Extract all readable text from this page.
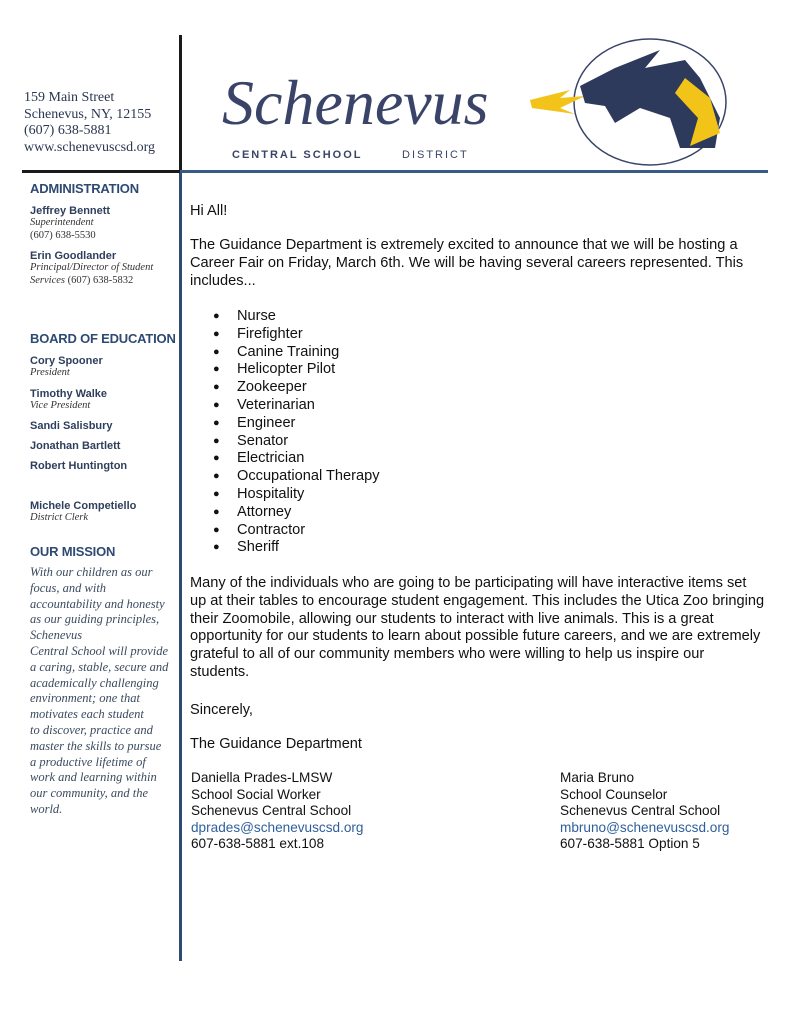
159 Main Street
Schenevus, NY, 12155
(607) 638-5881
www.schenevuscsd.org
Schenevus
CENTRAL SCHOOL	DISTRICT
ADMINISTRATION
Jeffrey Bennett
Superintendent
(607) 638-5530
Erin Goodlander
Principal/Director of Student Services (607) 638-5832
BOARD OF EDUCATION
Cory Spooner
President
Timothy Walke
Vice President
Sandi Salisbury
Jonathan Bartlett
Robert Huntington
Michele Competiello
District Clerk
OUR MISSION
With our children as our
focus, and with
accountability and honesty
as our guiding principles,
Schenevus
Central School will provide
a caring, stable, secure and
academically challenging
environment; one that
motivates each student
to discover, practice and
master the skills to pursue
a productive lifetime of
work and learning within
our community, and the
world.
Hi All!
The Guidance Department is extremely excited to announce that we will be hosting a Career Fair on Friday, March 6th. We will be having several careers represented. This includes...
● Nurse
● Firefighter
● Canine Training
● Helicopter Pilot
● Zookeeper
● Veterinarian
● Engineer
● Senator
● Electrician
● Occupational Therapy
● Hospitality
● Attorney
● Contractor
● Sheriff
Many of the individuals who are going to be participating will have interactive items set up at their tables to encourage student engagement. This includes the Utica Zoo bringing their Zoomobile, allowing our students to interact with live animals. This is a great opportunity for our students to learn about possible future careers, and we are extremely grateful to all of our community members who were willing to help us inspire our students.
Sincerely,
The Guidance Department
Daniella Prades-LMSW
School Social Worker
Schenevus Central School
dprades@schenevuscsd.org
607-638-5881 ext.108
Maria Bruno
School Counselor
Schenevus Central School
mbruno@schenevuscsd.org
607-638-5881 Option 5
